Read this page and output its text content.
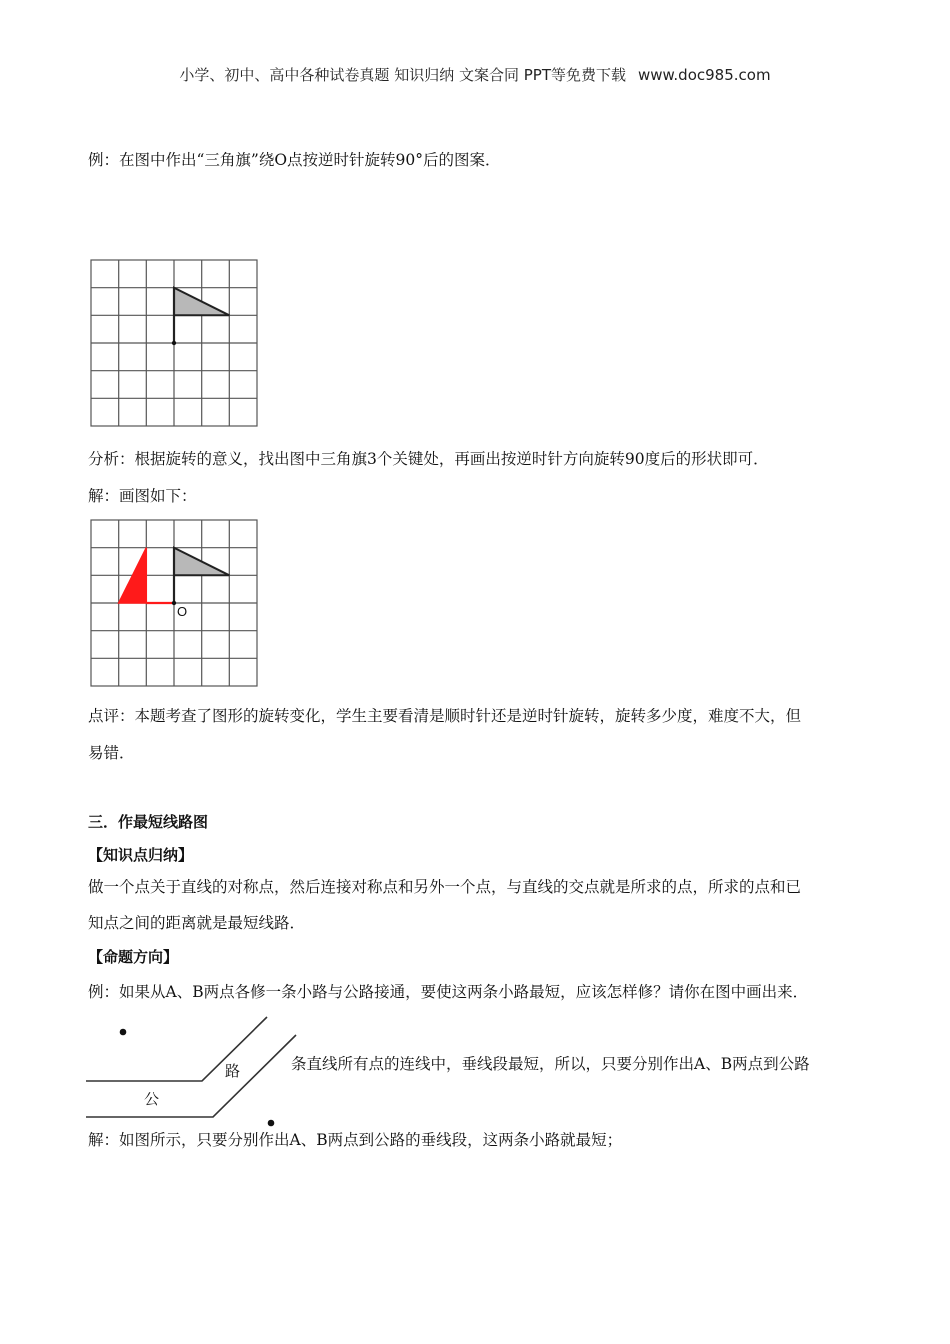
小学、初中、高中各种试卷真题 知识归纳 文案合同 PPT等免费下载 www.doc985.com
例：在图中作出“三角旗”绕O点按逆时针旋转90°后的图案．
分析：根据旋转的意义，找出图中三角旗3个关键处，再画出按逆时针方向旋转90度后的形状即可．
解：画图如下：
O
点评：本题考查了图形的旋转变化，学生主要看清是顺时针还是逆时针旋转，旋转多少度，难度不大，但
易错．
三．作最短线路图
【知识点归纳】
做一个点关于直线的对称点，然后连接对称点和另外一个点，与直线的交点就是所求的点，所求的点和已
知点之间的距离就是最短线路．
【命题方向】
例：如果从A、B两点各修一条小路与公路接通，要使这两条小路最短，应该怎样修？请你在图中画出来．
路
公
条直线所有点的连线中，垂线段最短，所以，只要分别作出A、B两点到公路
解：如图所示，只要分别作出A、B两点到公路的垂线段，这两条小路就最短；
